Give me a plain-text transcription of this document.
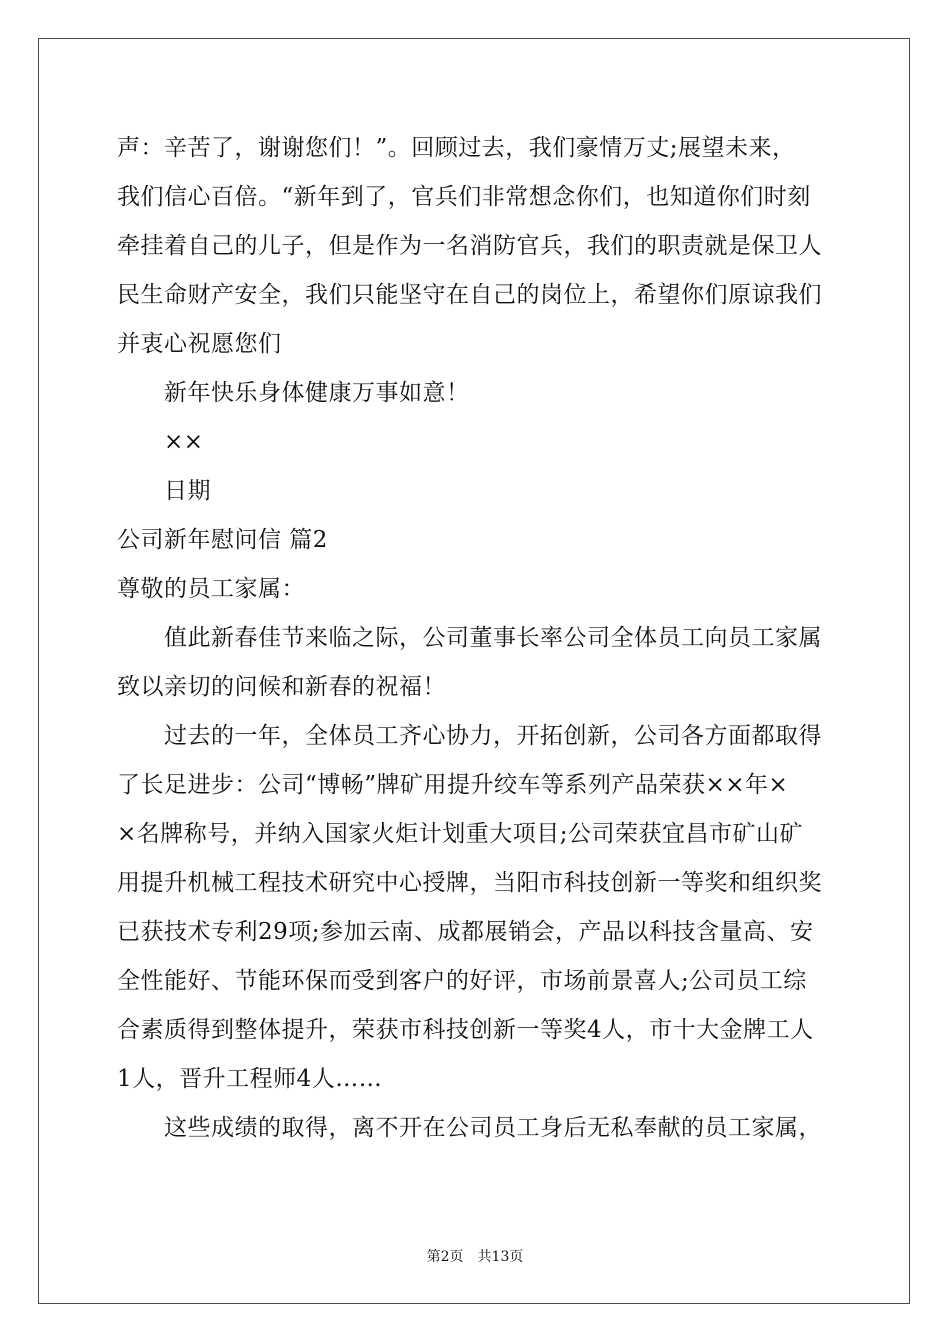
声：辛苦了，谢谢您们！”。回顾过去，我们豪情万丈;展望未来，
我们信心百倍。“新年到了，官兵们非常想念你们，也知道你们时刻
牵挂着自己的儿子，但是作为一名消防官兵，我们的职责就是保卫人
民生命财产安全，我们只能坚守在自己的岗位上，希望你们原谅我们
并衷心祝愿您们
新年快乐身体健康万事如意！
××
日期
公司新年慰问信 篇2
尊敬的员工家属：
值此新春佳节来临之际，公司董事长率公司全体员工向员工家属
致以亲切的问候和新春的祝福！
过去的一年，全体员工齐心协力，开拓创新，公司各方面都取得
了长足进步：公司“博畅”牌矿用提升绞车等系列产品荣获××年×
×名牌称号，并纳入国家火炬计划重大项目;公司荣获宜昌市矿山矿
用提升机械工程技术研究中心授牌，当阳市科技创新一等奖和组织奖
已获技术专利29项;参加云南、成都展销会，产品以科技含量高、安
全性能好、节能环保而受到客户的好评，市场前景喜人;公司员工综
合素质得到整体提升，荣获市科技创新一等奖4人，市十大金牌工人
1人，晋升工程师4人……
这些成绩的取得，离不开在公司员工身后无私奉献的员工家属，
第2页 共13页
